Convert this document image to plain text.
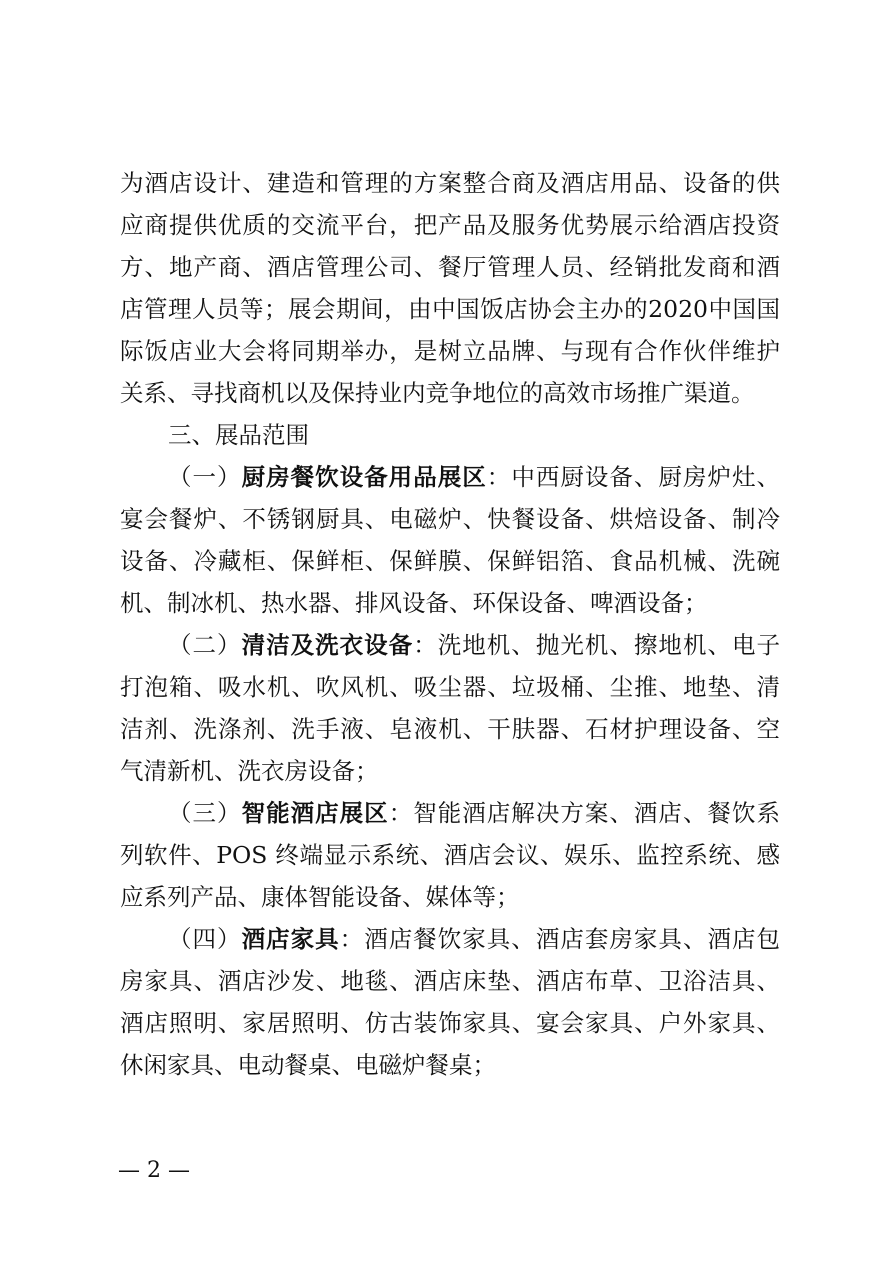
为酒店设计、建造和管理的方案整合商及酒店用品、设备的供
应商提供优质的交流平台，把产品及服务优势展示给酒店投资
方、地产商、酒店管理公司、餐厅管理人员、经销批发商和酒
店管理人员等；展会期间，由中国饭店协会主办的2020中国国
际饭店业大会将同期举办，是树立品牌、与现有合作伙伴维护
关系、寻找商机以及保持业内竞争地位的高效市场推广渠道。
三、展品范围
（一）厨房餐饮设备用品展区：中西厨设备、厨房炉灶、
宴会餐炉、不锈钢厨具、电磁炉、快餐设备、烘焙设备、制冷
设备、冷藏柜、保鲜柜、保鲜膜、保鲜铝箔、食品机械、洗碗
机、制冰机、热水器、排风设备、环保设备、啤酒设备；
（二）清洁及洗衣设备：洗地机、抛光机、擦地机、电子
打泡箱、吸水机、吹风机、吸尘器、垃圾桶、尘推、地垫、清
洁剂、洗涤剂、洗手液、皂液机、干肤器、石材护理设备、空
气清新机、洗衣房设备；
（三）智能酒店展区：智能酒店解决方案、酒店、餐饮系
列软件、POS 终端显示系统、酒店会议、娱乐、监控系统、感
应系列产品、康体智能设备、媒体等；
（四）酒店家具：酒店餐饮家具、酒店套房家具、酒店包
房家具、酒店沙发、地毯、酒店床垫、酒店布草、卫浴洁具、
酒店照明、家居照明、仿古装饰家具、宴会家具、户外家具、
休闲家具、电动餐桌、电磁炉餐桌；
— 2 —
